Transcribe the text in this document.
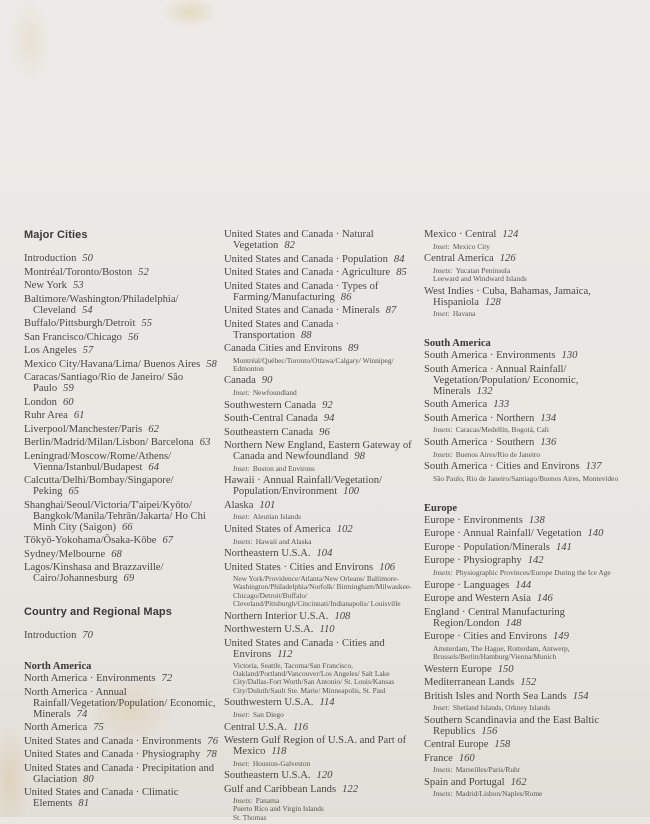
Major Cities
Introduction 50
Montréal/Toronto/Boston 52
New York 53
Baltimore/Washington/Philadelphia/ Cleveland 54
Buffalo/Pittsburgh/Detroit 55
San Francisco/Chicago 56
Los Angeles 57
Mexico City/Havana/Lima/ Buenos Aires 58
Caracas/Santiago/Rio de Janeiro/ São Paulo 59
London 60
Ruhr Area 61
Liverpool/Manchester/Paris 62
Berlin/Madrid/Milan/Lisbon/ Barcelona 63
Leningrad/Moscow/Rome/Athens/ Vienna/Istanbul/Budapest 64
Calcutta/Delhi/Bombay/Singapore/ Peking 65
Shanghai/Seoul/Victoria/T'aipei/Kyōto/ Bangkok/Manila/Tehrān/Jakarta/ Ho Chi Minh City (Saigon) 66
Tōkyō-Yokohama/Ōsaka-Kōbe 67
Sydney/Melbourne 68
Lagos/Kinshasa and Brazzaville/ Cairo/Johannesburg 69
Country and Regional Maps
Introduction 70
North America
North America · Environments 72
North America · Annual Rainfall/Vegetation/Population/ Economic, Minerals 74
North America 75
United States and Canada · Environments 76
United States and Canada · Physiography 78
United States and Canada · Precipitation and Glaciation 80
United States and Canada · Climatic Elements 81
United States and Canada · Natural Vegetation 82
United States and Canada · Population 84
United States and Canada · Agriculture 85
United States and Canada · Types of Farming/Manufacturing 86
United States and Canada · Minerals 87
United States and Canada · Transportation 88
Canada Cities and Environs 89
Montréal/Québec/Toronto/Ottawa/Calgary/ Winnipeg/ Edmonton
Canada 90
Inset: Newfoundland
Southwestern Canada 92
South-Central Canada 94
Southeastern Canada 96
Northern New England, Eastern Gateway of Canada and Newfoundland 98
Inset: Boston and Environs
Hawaii · Annual Rainfall/Vegetation/ Population/Environment 100
Alaska 101
Inset: Aleutian Islands
United States of America 102
Insets: Hawaii and Alaska
Northeastern U.S.A. 104
United States · Cities and Environs 106
New York/Providence/Atlanta/New Orleans/ Baltimore-Washington/Philadelphia/Norfolk/ Birmingham/Milwaukee-Chicago/Detroit/Buffalo/ Cleveland/Pittsburgh/Cincinnati/Indianapolis/ Louisville
Northern Interior U.S.A. 108
Northwestern U.S.A. 110
United States and Canada · Cities and Environs 112
Victoria, Seattle, Tacoma/San Francisco, Oakland/Portland/Vancouver/Los Angeles/ Salt Lake City/Dallas-Fort Worth/San Antonio/ St. Louis/Kansas City/Duluth/Sault Ste. Marie/ Minneapolis, St. Paul
Southwestern U.S.A. 114
Inset: San Diego
Central U.S.A. 116
Western Gulf Region of U.S.A. and Part of Mexico 118
Inset: Houston-Galveston
Southeastern U.S.A. 120
Gulf and Caribbean Lands 122
Insets: Panama
Puerto Rico and Virgin Islands
St. Thomas
Mexico · Central 124
Inset: Mexico City
Central America 126
Insets: Yucatan Peninsula
Leeward and Windward Islands
West Indies · Cuba, Bahamas, Jamaica, Hispaniola 128
Inset: Havana
South America
South America · Environments 130
South America · Annual Rainfall/ Vegetation/Population/ Economic, Minerals 132
South America 133
South America · Northern 134
Insets: Caracas/Medellín, Bogotá, Cali
South America · Southern 136
Insets: Buenos Aires/Rio de Janeiro
South America · Cities and Environs 137
São Paulo, Rio de Janeiro/Santiago/Buenos Aires, Montevideo
Europe
Europe · Environments 138
Europe · Annual Rainfall/ Vegetation 140
Europe · Population/Minerals 141
Europe · Physiography 142
Insets: Physiographic Provinces/Europe During the Ice Age
Europe · Languages 144
Europe and Western Asia 146
England · Central Manufacturing Region/London 148
Europe · Cities and Environs 149
Amsterdam, The Hague, Rotterdam, Antwerp, Brussels/Berlin/Hamburg/Vienna/Munich
Western Europe 150
Mediterranean Lands 152
British Isles and North Sea Lands 154
Inset: Shetland Islands, Orkney Islands
Southern Scandinavia and the East Baltic Republics 156
Central Europe 158
France 160
Insets: Marseilles/Paris/Ruhr
Spain and Portugal 162
Insets: Madrid/Lisbon/Naples/Rome
